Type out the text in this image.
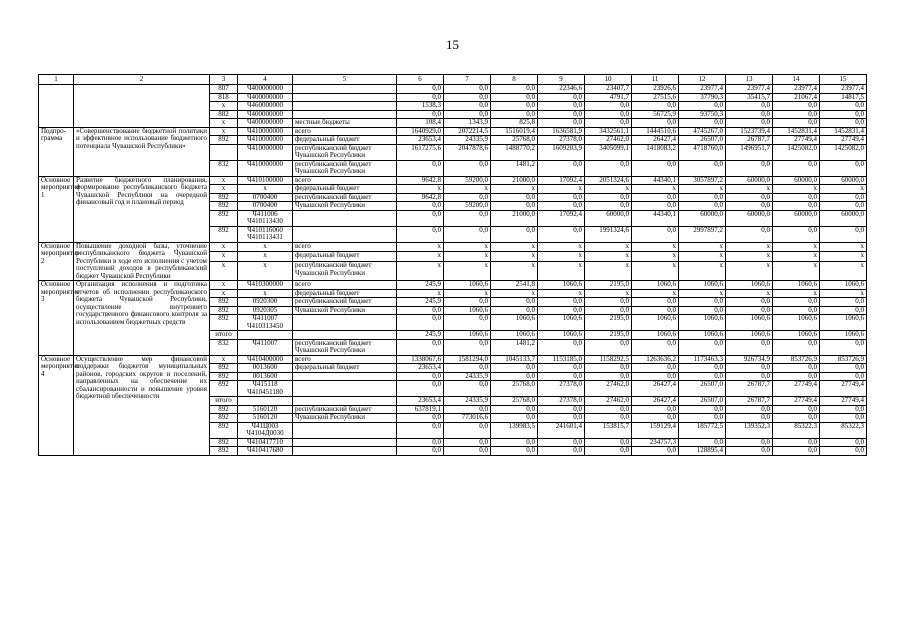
15
1	2	3	4	5	6	7	8	9	10	11	12	13	14	15
		807	Ч400000000		0,0	0,0	0,0	22346,6	23407,7	23926,6	23977,4	23977,4	23977,4	23977,4
		818	Ч400000000		0,0	0,0	0,0	0,0	4791,7	27515,6	37790,3	35415,7	21067,4	14817,5
		x	Ч460000000		1538,3	0,0	0,0	0,0	0,0	0,0	0,0	0,0	0,0	0,0
		882	Ч400000000		0,0	0,0	0,0	0,0	0,0	56725,9	93750,3	0,0	0,0	0,0
		x	Ч400000000	местные бюджеты	108,4	1343,9	825,8	0,0	0,0	0,0	0,0	0,0	0,0	0,0
Подпро-грамма	«Совершенствование бюджетной политики и эффективное использование бюджетного потенциала Чувашской Республики»	x	Ч410000000	всего	1640929,0	2072214,5	1516019,4	1636581,9	3432561,1	1444510,6	4745267,0	1523739,4	1452831,4	1452831,4
		892	Ч410000000	федеральный бюджет	23653,4	24335,9	25768,0	27378,0	27462,0	26427,4	26507,0	26787,7	27749,4	27749,4
			Ч410000000	республиканский бюджет Чувашской Республики	1617275,6	2047878,6	1488770,2	1609203,9	3405099,1	1418083,2	4718760,0	1496951,7	1425082,0	1425082,0
		832	Ч410000000	республиканский бюджет Чувашской Республики	0,0	0,0	1481,2	0,0	0,0	0,0	0,0	0,0	0,0	0,0
Основное мероприятие 1	Развитие бюджетного планирования, формирование республиканского бюджета Чувашской Республики на очередной финансовый год и плановый период	x	Ч410100000	всего	9642,8	59200,0	21000,0	17092,4	2051324,6	44340,1	3057897,2	60000,0	60000,0	60000,0
		x	x	федеральный бюджет	x	x	x	x	x	x	x	x	x	x
		892	0700400	республиканский бюджет	9642,8	0,0	0,0	0,0	0,0	0,0	0,0	0,0	0,0	0,0
		892	0700400	Чувашской Республики	0,0	59200,0	0,0	0,0	0,0	0,0	0,0	0,0	0,0	0,0
		892	Ч411006 Ч410113430		0,0	0,0	21000,0	17092,4	60000,0	44340,1	60000,0	60000,0	60000,0	60000,0
		892	Ч410116060 Ч410113431		0,0	0,0	0,0	0,0	1991324,6	0,0	2997897,2	0,0	0,0	0,0
Основное мероприятие 2	Повышение доходной базы, уточнение республиканского бюджета Чувашской Республики в ходе его исполнения с учетом поступлений доходов в республиканский бюджет Чувашской Республики	x	x	всего	x	x	x	x	x	x	x	x	x	x
		x	x	федеральный бюджет	x	x	x	x	x	x	x	x	x	x
		x	x	республиканский бюджет Чувашской Республики	x	x	x	x	x	x	x	x	x	x
Основное мероприятие 3	Организация исполнения и подготовка отчетов об исполнении республиканского бюджета Чувашской Республики, осуществление внутреннего государственного финансового контроля за использованием бюджетных средств	x	Ч410300000	всего	245,9	1060,6	2541,8	1060,6	2195,0	1060,6	1060,6	1060,6	1060,6	1060,6
		x	x	федеральный бюджет	x	x	x	x	x	x	x	x	x	x
		892	0920300	республиканский бюджет	245,9	0,0	0,0	0,0	0,0	0,0	0,0	0,0	0,0	0,0
		892	0920305	Чувашской Республики	0,0	1060,6	0,0	0,0	0,0	0,0	0,0	0,0	0,0	0,0
		892	Ч411007 Ч410313450		0,0	0,0	1060,6	1060,6	2195,0	1060,6	1060,6	1060,6	1060,6	1060,6
		итого			245,9	1060,6	1060,6	1060,6	2195,0	1060,6	1060,6	1060,6	1060,6	1060,6
		832	Ч411007	республиканский бюджет Чувашской Республики	0,0	0,0	1481,2	0,0	0,0	0,0	0,0	0,0	0,0	0,0
Основное мероприятие 4	Осуществление мер финансовой поддержки бюджетов муниципальных районов, городских округов и поселений, направленных на обеспечение их сбалансированности и повышение уровня бюджетной обеспеченности	x	Ч410400000	всего	1338067,6	1581294,0	1045133,7	1153185,0	1158292,5	1263636,2	1173463,3	926734,9	853726,9	853726,9
		892	0013600	федеральный бюджет	23653,4	0,0	0,0	0,0	0,0	0,0	0,0	0,0	0,0	0,0
		892	0013600		0,0	24335,9	0,0	0,0	0,0	0,0	0,0	0,0	0,0	0,0
		892	Ч415118 Ч410451180		0,0	0,0	25768,0	27378,0	27462,0	26427,4	26507,0	26787,7	27749,4	27749,4
		итого			23653,4	24335,9	25768,0	27378,0	27462,0	26427,4	26507,0	26787,7	27749,4	27749,4
		892	5160120	республиканский бюджет	637819,1	0,0	0,0	0,0	0,0	0,0	0,0	0,0	0,0	0,0
		892	5160120	Чувашской Республики	0,0	773016,6	0,0	0,0	0,0	0,0	0,0	0,0	0,0	0,0
		892	Ч41Ц003 Ч4104Д0030		0,0	0,0	139983,5	241601,4	153815,7	159129,4	185772,5	139352,3	85322,3	85322,3
		892	Ч410417710		0,0	0,0	0,0	0,0	0,0	234757,3	0,0	0,0	0,0	0,0
		892	Ч410417680		0,0	0,0	0,0	0,0	0,0	0,0	128895,4	0,0	0,0	0,0
